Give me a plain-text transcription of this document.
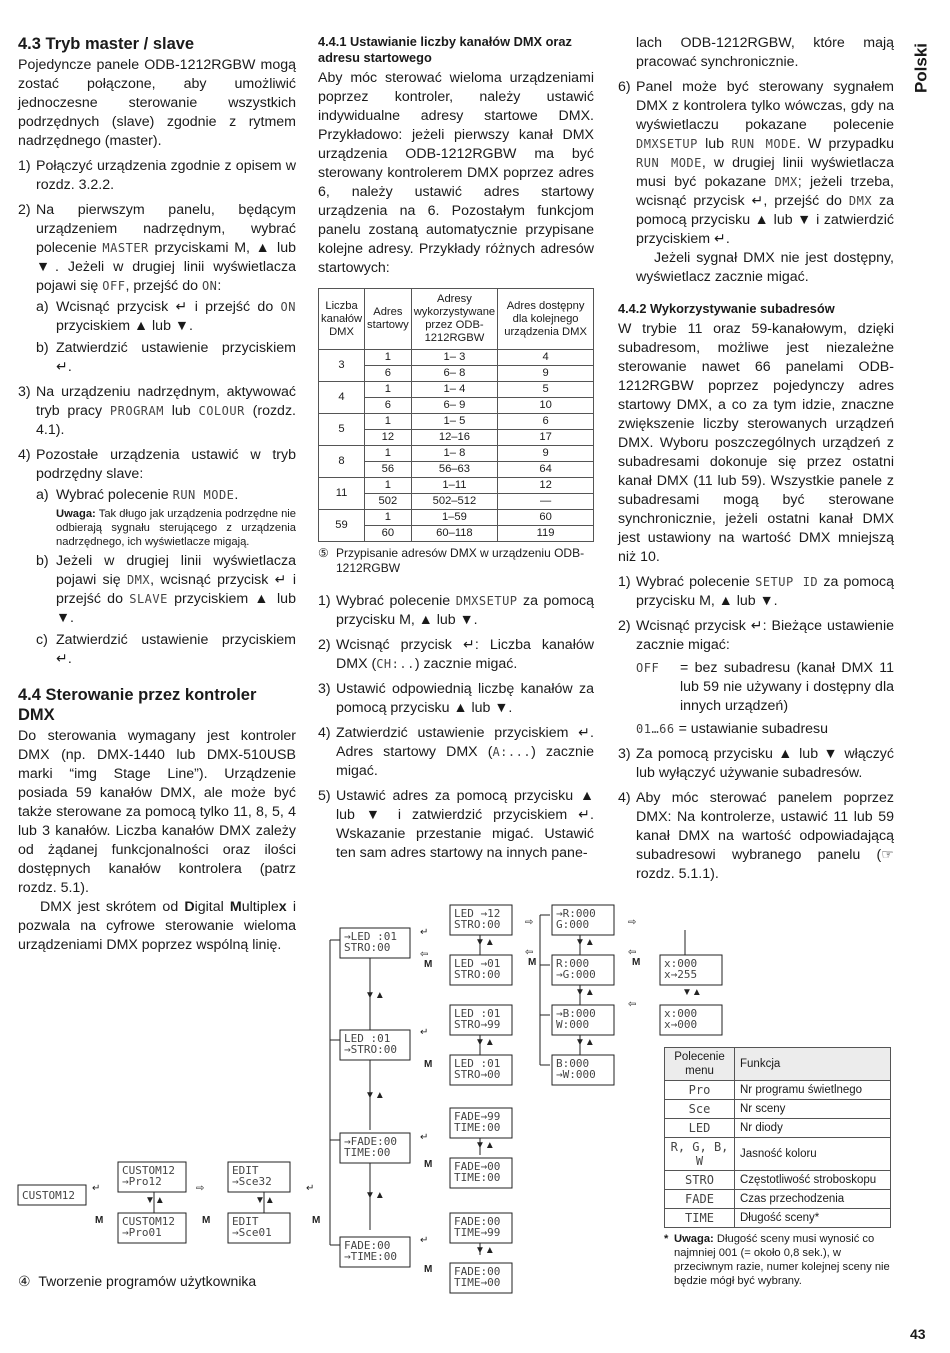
Polski
4.3 Tryb master / slave

Pojedyncze panele ODB-1212RGBW mogą zostać połączone, aby umożliwić jednoczesne sterowanie wszystkich podrzędnych (slave) zgodnie z rytmem nadrzędnego (master).

1) Połączyć urządzenia zgodnie z opisem w rozdz. 3.2.2.
2) Na pierwszym panelu, będącym urządzeniem nadrzędnym, wybrać polecenie MASTER przyciskami M, ▲ lub ▼. Jeżeli w drugiej linii wyświetlacza pojawi się OFF, przejść do ON:
a) Wcisnąć przycisk ↵ i przejść do ON przyciskiem ▲ lub ▼.
b) Zatwierdzić ustawienie przyciskiem ↵.
3) Na urządzeniu nadrzędnym, aktywować tryb pracy PROGRAM lub COLOUR (rozdz. 4.1).
4) Pozostałe urządzenia ustawić w tryb podrzędny slave:
a) Wybrać polecenie RUN MODE.
Uwaga: Tak długo jak urządzenia podrzędne nie odbierają sygnału sterującego z urządzenia nadrzędnego, ich wyświetlacze migają.
b) Jeżeli w drugiej linii wyświetlacza pojawi się DMX, wcisnąć przycisk ↵ i przejść do SLAVE przyciskiem ▲ lub ▼.
c) Zatwierdzić ustawienie przyciskiem ↵.
4.4 Sterowanie przez kontroler DMX

Do sterowania wymagany jest kontroler DMX (np. DMX-1440 lub DMX-510USB marki “img Stage Line”). Urządzenie posiada 59 kanałów DMX, ale może być także sterowane za pomocą tylko 11, 8, 5, 4 lub 3 kanałów. Liczba kanałów DMX zależy od żądanej funkcjonalności oraz ilości dostępnych kanałów kontrolera (patrz rozdz. 5.1).

DMX jest skrótem od Digital Multiplex i pozwala na cyfrowe sterowanie wieloma urządzeniami DMX poprzez wspólną linię.

4.4.1 Ustawianie liczby kanałów DMX oraz adresu startowego

Aby móc sterować wieloma urządzeniami poprzez kontroler, należy ustawić indywidualne adresy startowe DMX. Przykładowo: jeżeli pierwszy kanał DMX urządzenia ODB-1212RGBW ma być sterowany kontrolerem DMX poprzez adres 6, należy ustawić adres startowy urządzenia na 6. Pozostałym funkcjom panelu zostaną automatycznie przypisane kolejne adresy. Przykłady różnych adresów startowych:

Liczba kanałów DMX	Adres startowy	Adresy wykorzystywane przez ODB-1212RGBW	Adres dostępny dla kolejnego urządzenia DMX
3	1	1– 3	4
	6	6– 8	9
4	1	1– 4	5
	6	6– 9	10
5	1	1– 5	6
	12	12–16	17
8	1	1– 8	9
	56	56–63	64
11	1	1–11	12
	502	502–512	—
59	1	1–59	60
	60	60–118	119
⑤ Przypisanie adresów DMX w urządzeniu ODB-1212RGBW
1) Wybrać polecenie DMXSETUP za pomocą przycisku M, ▲ lub ▼.
2) Wcisnąć przycisk ↵: Liczba kanałów DMX (CH:..) zacznie migać.
3) Ustawić odpowiednią liczbę kanałów za pomocą przycisku ▲ lub ▼.
4) Zatwierdzić ustawienie przyciskiem ↵. Adres startowy DMX (A:...) zacznie migać.
5) Ustawić adres za pomocą przycisku ▲ lub ▼ i zatwierdzić przyciskiem ↵. Wskazanie przestanie migać. Ustawić ten sam adres startowy na innych pane-

lach ODB-1212RGBW, które mają pracować synchronicznie.

6) Panel może być sterowany sygnałem DMX z kontrolera tylko wówczas, gdy na wyświetlaczu pokazane polecenie DMXSETUP lub RUN MODE. W przypadku RUN MODE, w drugiej linii wyświetlacza musi być pokazane DMX; jeżeli trzeba, wcisnąć przycisk ↵, przejść do DMX za pomocą przycisku ▲ lub ▼ i zatwierdzić przyciskiem ↵.

Jeżeli sygnał DMX nie jest dostępny, wyświetlacz zacznie migać.

4.4.2 Wykorzystywanie subadresów

W trybie 11 oraz 59-kanałowym, dzięki subadresom, możliwe jest niezależne sterowanie nawet 66 panelami ODB-1212RGBW poprzez pojedynczy adres startowy DMX, a co za tym idzie, znaczne zwiększenie liczby sterowanych urządzeń DMX. Wyboru poszczególnych urządzeń z subadresami dokonuje się przez ostatni kanał DMX (11 lub 59). Wszystkie panele z subadresami mogą być sterowane synchronicznie, jeżeli ostatni kanał DMX jest ustawiony na wartość DMX mniejszą niż 10.

1) Wybrać polecenie SETUP ID za pomocą przycisku M, ▲ lub ▼.
2) Wcisnąć przycisk ↵: Bieżące ustawienie zacznie migać:
OFF	= bez subadresu (kanał DMX 11 lub 59 nie używany i dostępny dla innych urządzeń)
01…66
= ustawianie subadresu
3) Za pomocą przycisku ▲ lub ▼ włączyć lub wyłączyć używanie subadresów.
4) Aby móc sterować panelem poprzez DMX: Na kontrolerze, ustawić 11 lub 59 kanał DMX na wartość odpowiadającą subadresowi wybranego panelu (☞ rozdz. 5.1.1).
CUSTOM12
CUSTOM12
→Pro12
CUSTOM12
→Pro01
EDIT
→Sce32
EDIT
→Sce01
→LED :01
STRO:00
LED :01
→STRO:00
→FADE:00
TIME:00
FADE:00
→TIME:00
LED →12
STRO:00
LED →01
STRO:00
LED :01
STRO→99
LED :01
STRO→00
FADE→99
TIME:00
FADE→00
TIME:00
FADE:00
TIME→99
FADE:00
TIME→00
→R:000
G:000
R:000
→G:000
→B:000
W:000
B:000
→W:000
x:000
x→255
x:000
x→000
↵
M
⇨
M
↵
M
↵
⇦
M
↵
M
↵
M
↵
M
⇨
⇦
M
⇨
⇦
M
⇦
▼▲	▼▲
▼▲
▼▲
▼▲
▼▲
▼▲
▼▲
▼▲
▼▲
▼▲
▼▲
▼▲
④ Tworzenie programów użytkownika
Polecenie menu	Funkcja
Pro	Nr programu świetlnego
Sce	Nr sceny
LED	Nr diody
R, G, B, W	Jasność koloru
STRO	Częstotliwość stroboskopu
FADE	Czas przechodzenia
TIME	Długość sceny*
* Uwaga: Długość sceny musi wynosić co najmniej 001 (= około 0,8 sek.), w przeciwnym razie, numer kolejnej sceny nie będzie mógł być wybrany.
43
